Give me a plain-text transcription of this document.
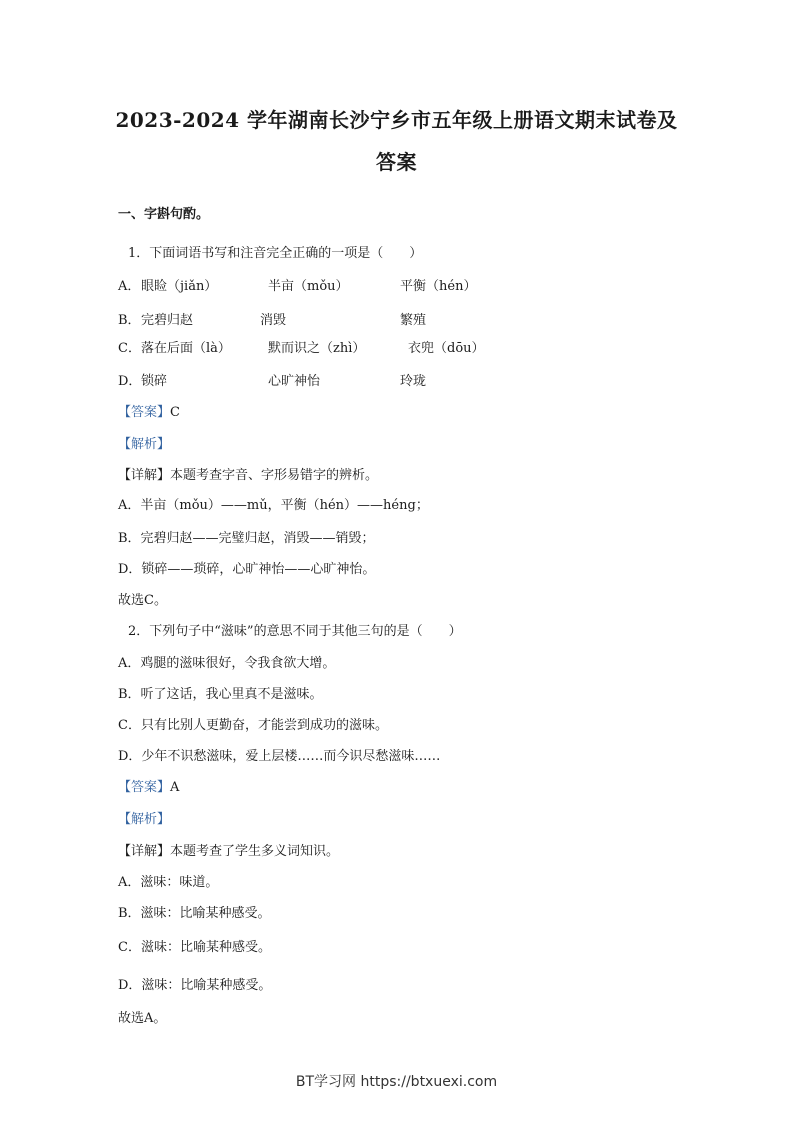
2023-2024 学年湖南长沙宁乡市五年级上册语文期末试卷及
答案
一、字斟句酌。
1．下面词语书写和注音完全正确的一项是（　　）
A． 眼睑（jiǎn）	半亩（mǒu）	平衡（hén）
B． 完碧归赵	消毁	繁殖
C． 落在后面（là）	默而识之（zhì）	衣兜（dōu）
D． 锁碎	心旷神怡	玲珑
【答案】C
【解析】
【详解】本题考查字音、字形易错字的辨析。
A．半亩（mǒu）——mǔ，平衡（hén）——héng；
B．完碧归赵——完璧归赵，消毁——销毁；
D．锁碎——琐碎，心旷神怡——心旷神怡。
故选C。
2．下列句子中“滋味”的意思不同于其他三句的是（　　）
A．鸡腿的滋味很好，令我食欲大增。
B．听了这话，我心里真不是滋味。
C．只有比别人更勤奋，才能尝到成功的滋味。
D．少年不识愁滋味，爱上层楼……而今识尽愁滋味……
【答案】A
【解析】
【详解】本题考查了学生多义词知识。
A．滋味：味道。
B．滋味：比喻某种感受。
C．滋味：比喻某种感受。
D．滋味：比喻某种感受。
故选A。
BT学习网 https://btxuexi.com
